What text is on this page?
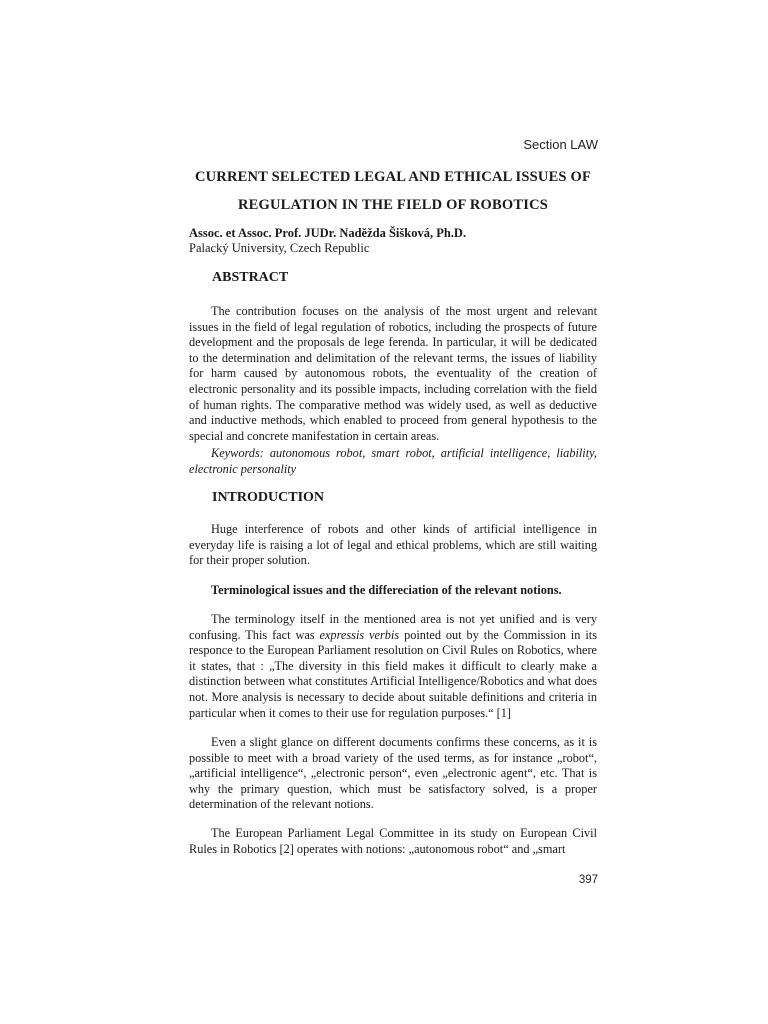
Section LAW
CURRENT SELECTED LEGAL AND ETHICAL ISSUES OF
REGULATION IN THE FIELD OF ROBOTICS
Assoc. et Assoc. Prof. JUDr. Naděžda Šišková, Ph.D.
Palacký University, Czech Republic
ABSTRACT

The contribution focuses on the analysis of the most urgent and relevant issues in the field of legal regulation of robotics, including the prospects of future development and the proposals de lege ferenda. In particular, it will be dedicated to the determination and delimitation of the relevant terms, the issues of liability for harm caused by autonomous robots, the eventuality of the creation of electronic personality and its possible impacts, including correlation with the field of human rights. The comparative method was widely used, as well as deductive and inductive methods, which enabled to proceed from general hypothesis to the special and concrete manifestation in certain areas.

Keywords: autonomous robot, smart robot, artificial intelligence, liability, electronic personality

INTRODUCTION

Huge interference of robots and other kinds of artificial intelligence in everyday life is raising a lot of legal and ethical problems, which are still waiting for their proper solution.

Terminological issues and the differeciation of the relevant notions.

The terminology itself in the mentioned area is not yet unified and is very confusing. This fact was expressis verbis pointed out by the Commission in its responce to the European Parliament resolution on Civil Rules on Robotics, where it states, that : „The diversity in this field makes it difficult to clearly make a distinction between what constitutes Artificial Intelligence/Robotics and what does not. More analysis is necessary to decide about suitable definitions and criteria in particular when it comes to their use for regulation purposes.“ [1]

Even a slight glance on different documents confirms these concerns, as it is possible to meet with a broad variety of the used terms, as for instance „robot“, „artificial intelligence“, „electronic person“, even „electronic agent“, etc. That is why the primary question, which must be satisfactory solved, is a proper determination of the relevant notions.

The European Parliament Legal Committee in its study on European Civil Rules in Robotics [2] operates with notions: „autonomous robot“ and „smart

397
